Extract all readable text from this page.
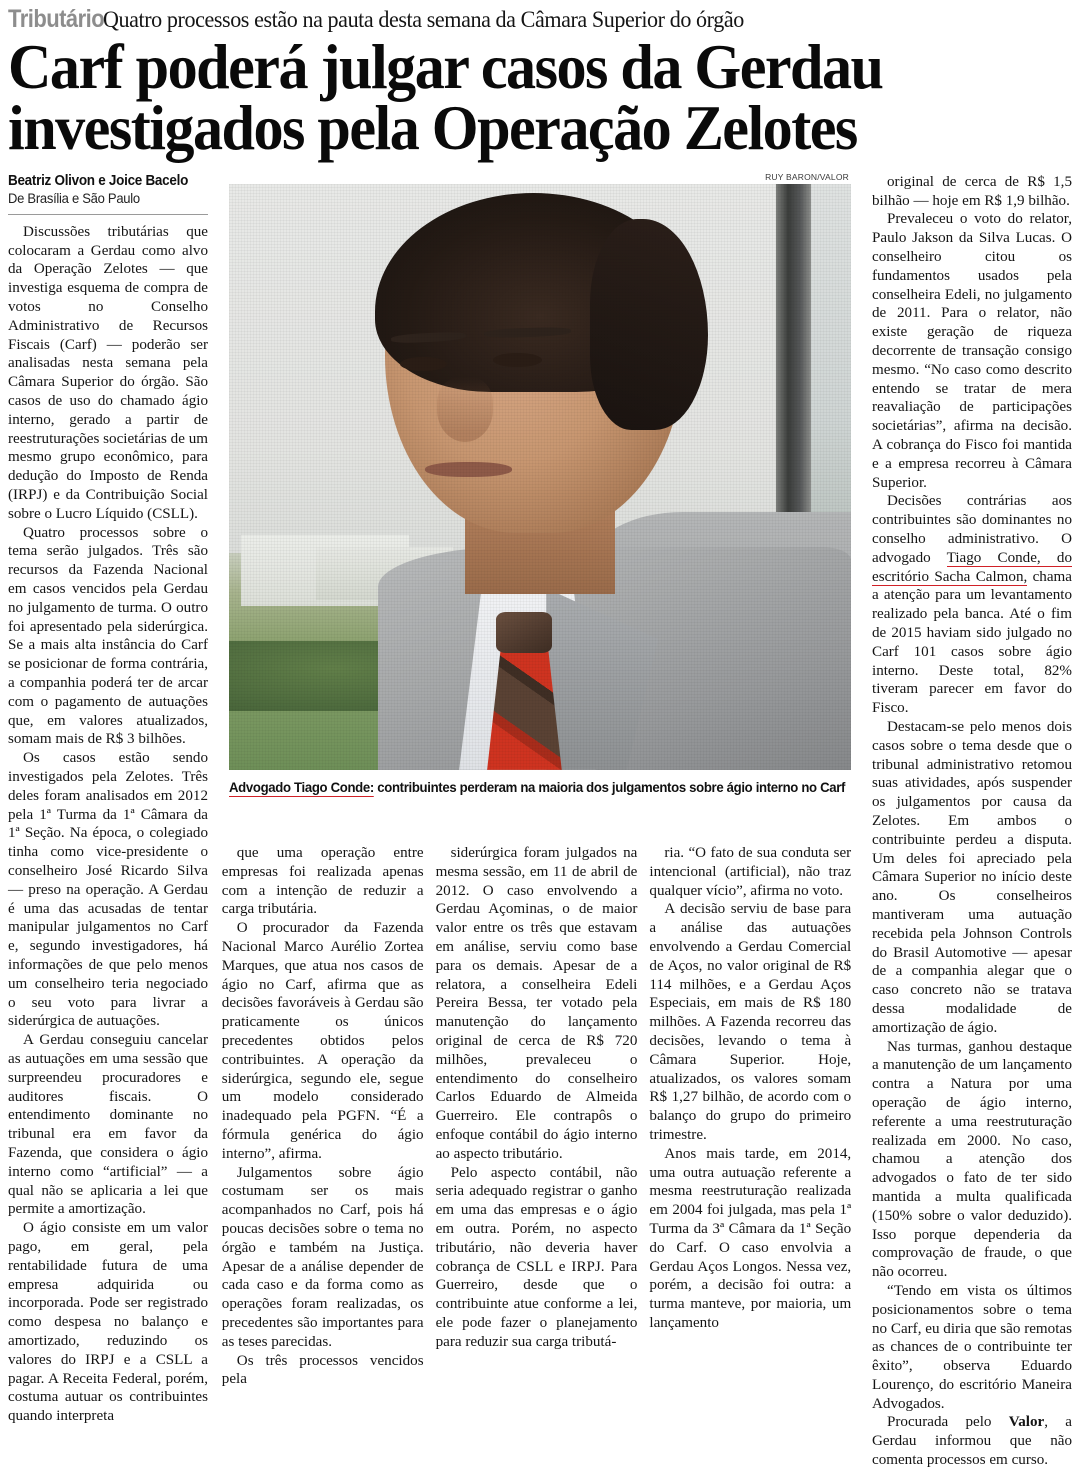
TributárioQuatro processos estão na pauta desta semana da Câmara Superior do órgão
Carf poderá julgar casos da Gerdau
investigados pela Operação Zelotes
Beatriz Olivon e Joice Bacelo
De Brasília e São Paulo

Discussões tributárias que colocaram a Gerdau como alvo da Operação Zelotes — que investiga esquema de compra de votos no Conselho Administrativo de Recursos Fiscais (Carf) — poderão ser analisadas nesta semana pela Câmara Superior do órgão. São casos de uso do chamado ágio interno, gerado a partir de reestruturações societárias de um mesmo grupo econômico, para dedução do Imposto de Renda (IRPJ) e da Contribuição Social sobre o Lucro Líquido (CSLL).

Quatro processos sobre o tema serão julgados. Três são recursos da Fazenda Nacional em casos vencidos pela Gerdau no julgamento de turma. O outro foi apresentado pela siderúrgica. Se a mais alta instância do Carf se posicionar de forma contrária, a companhia poderá ter de arcar com o pagamento de autuações que, em valores atualizados, somam mais de R$ 3 bilhões.

Os casos estão sendo investigados pela Zelotes. Três deles foram analisados em 2012 pela 1ª Turma da 1ª Câmara da 1ª Seção. Na época, o colegiado tinha como vice-presidente o conselheiro José Ricardo Silva — preso na operação. A Gerdau é uma das acusadas de tentar manipular julgamentos no Carf e, segundo investigadores, há informações de que pelo menos um conselheiro teria negociado o seu voto para livrar a siderúrgica de autuações.

A Gerdau conseguiu cancelar as autuações em uma sessão que surpreendeu procuradores e auditores fiscais. O entendimento dominante no tribunal era em favor da Fazenda, que considera o ágio interno como “artificial” — a qual não se aplicaria a lei que permite a amortização.

O ágio consiste em um valor pago, em geral, pela rentabilidade futura de uma empresa adquirida ou incorporada. Pode ser registrado como despesa no balanço e amortizado, reduzindo os valores do IRPJ e a CSLL a pagar. A Receita Federal, porém, costuma autuar os contribuintes quando interpreta

RUY BARON/VALOR
Advogado Tiago Conde: contribuintes perderam na maioria dos julgamentos sobre ágio interno no Carf

original de cerca de R$ 1,5 bilhão — hoje em R$ 1,9 bilhão.

Prevaleceu o voto do relator, Paulo Jakson da Silva Lucas. O conselheiro citou os fundamentos usados pela conselheira Edeli, no julgamento de 2011. Para o relator, não existe geração de riqueza decorrente de transação consigo mesmo. “No caso como descrito entendo se tratar de mera reavaliação de participações societárias”, afirma na decisão. A cobrança do Fisco foi mantida e a empresa recorreu à Câmara Superior.

Decisões contrárias aos contribuintes são dominantes no conselho administrativo. O advogado Tiago Conde, do escritório Sacha Calmon, chama a atenção para um levantamento realizado pela banca. Até o fim de 2015 haviam sido julgado no Carf 101 casos sobre ágio interno. Deste total, 82% tiveram parecer em favor do Fisco.

Destacam-se pelo menos dois casos sobre o tema desde que o tribunal administrativo retomou suas atividades, após suspender os julgamentos por causa da Zelotes. Em ambos o contribuinte perdeu a disputa. Um deles foi apreciado pela Câmara Superior no início deste ano. Os conselheiros mantiveram uma autuação recebida pela Johnson Controls do Brasil Automotive — apesar de a companhia alegar que o caso concreto não se tratava dessa modalidade de amortização de ágio.

Nas turmas, ganhou destaque a manutenção de um lançamento contra a Natura por uma operação de ágio interno, referente a uma reestruturação realizada em 2000. No caso, chamou a atenção dos advogados o fato de ter sido mantida a multa qualificada (150% sobre o valor deduzido). Isso porque dependeria da comprovação de fraude, o que não ocorreu.

“Tendo em vista os últimos posicionamentos sobre o tema no Carf, eu diria que são remotas as chances de o contribuinte ter êxito”, observa Eduardo Lourenço, do escritório Maneira Advogados.

Procurada pelo Valor, a Gerdau informou que não comenta processos em curso.

que uma operação entre empresas foi realizada apenas com a intenção de reduzir a carga tributária.

O procurador da Fazenda Nacional Marco Aurélio Zortea Marques, que atua nos casos de ágio no Carf, afirma que as decisões favoráveis à Gerdau são praticamente os únicos precedentes obtidos pelos contribuintes. A operação da siderúrgica, segundo ele, segue um modelo considerado inadequado pela PGFN. “É a fórmula genérica do ágio interno”, afirma.

Julgamentos sobre ágio costumam ser os mais acompanhados no Carf, pois há poucas decisões sobre o tema no órgão e também na Justiça. Apesar de a análise depender de cada caso e da forma como as operações foram realizadas, os precedentes são importantes para as teses parecidas.

Os três processos vencidos pela

siderúrgica foram julgados na mesma sessão, em 11 de abril de 2012. O caso envolvendo a Gerdau Açominas, o de maior valor entre os três que estavam em análise, serviu como base para os demais. Apesar de a relatora, a conselheira Edeli Pereira Bessa, ter votado pela manutenção do lançamento original de cerca de R$ 720 milhões, prevaleceu o entendimento do conselheiro Carlos Eduardo de Almeida Guerreiro. Ele contrapôs o enfoque contábil do ágio interno ao aspecto tributário.

Pelo aspecto contábil, não seria adequado registrar o ganho em uma das empresas e o ágio em outra. Porém, no aspecto tributário, não deveria haver cobrança de CSLL e IRPJ. Para Guerreiro, desde que o contribuinte atue conforme a lei, ele pode fazer o planejamento para reduzir sua carga tributá-

ria. “O fato de sua conduta ser intencional (artificial), não traz qualquer vício”, afirma no voto.

A decisão serviu de base para a análise das autuações envolvendo a Gerdau Comercial de Aços, no valor original de R$ 114 milhões, e a Gerdau Aços Especiais, em mais de R$ 180 milhões. A Fazenda recorreu das decisões, levando o tema à Câmara Superior. Hoje, atualizados, os valores somam R$ 1,27 bilhão, de acordo com o balanço do grupo do primeiro trimestre.

Anos mais tarde, em 2014, uma outra autuação referente a mesma reestruturação realizada em 2004 foi julgada, mas pela 1ª Turma da 3ª Câmara da 1ª Seção do Carf. O caso envolvia a Gerdau Aços Longos. Nessa vez, porém, a decisão foi outra: a turma manteve, por maioria, um lançamento
